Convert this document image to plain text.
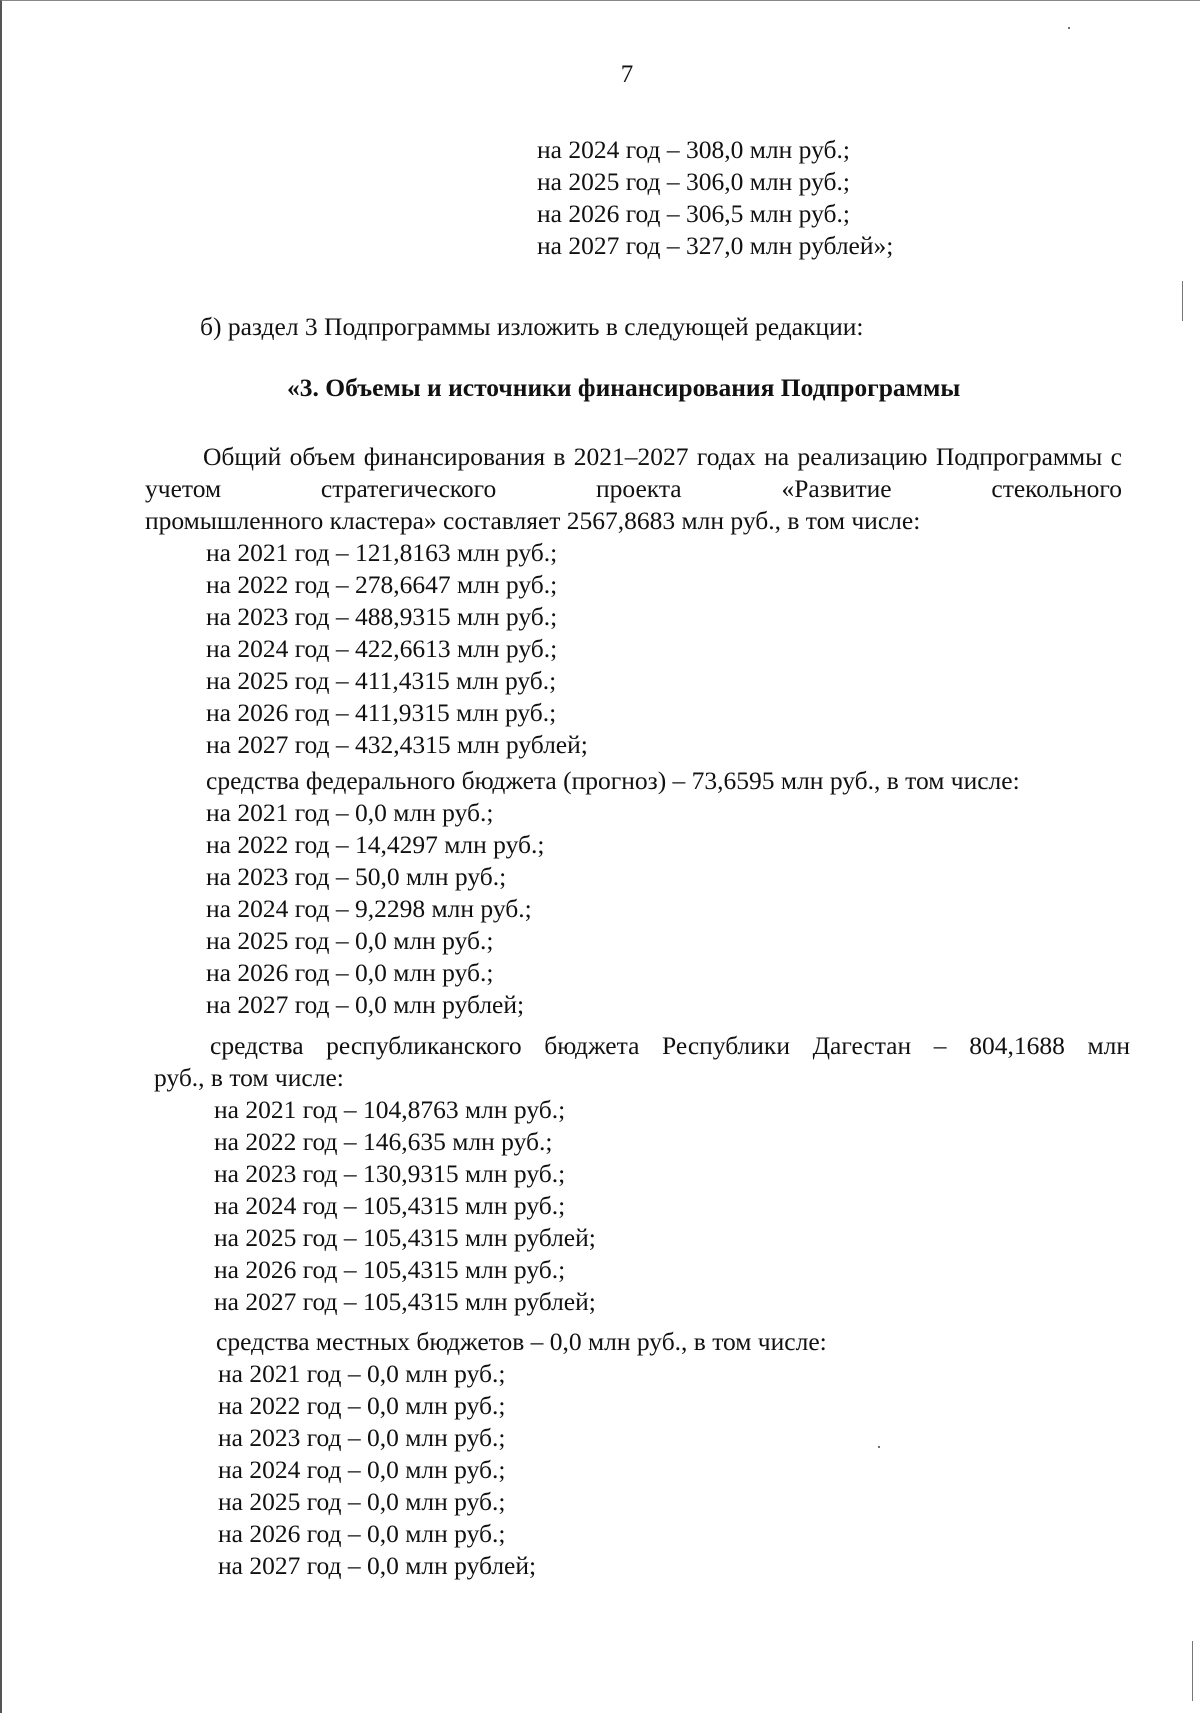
7
на 2024 год – 308,0 млн руб.;
на 2025 год – 306,0 млн руб.;
на 2026 год – 306,5 млн руб.;
на 2027 год – 327,0 млн рублей»;
б) раздел 3 Подпрограммы изложить в следующей редакции:
«3. Объемы и источники финансирования Подпрограммы
Общий объем финансирования в 2021–2027 годах на реализацию Подпрограммы с учетом стратегического проекта «Развитие стекольного
промышленного кластера» составляет 2567,8683 млн руб., в том числе:
на 2021 год – 121,8163 млн руб.;
на 2022 год – 278,6647 млн руб.;
на 2023 год – 488,9315 млн руб.;
на 2024 год – 422,6613 млн руб.;
на 2025 год – 411,4315 млн руб.;
на 2026 год – 411,9315 млн руб.;
на 2027 год – 432,4315 млн рублей;
средства федерального бюджета (прогноз) – 73,6595 млн руб., в том числе:
на 2021 год – 0,0 млн руб.;
на 2022 год – 14,4297 млн руб.;
на 2023 год – 50,0 млн руб.;
на 2024 год – 9,2298 млн руб.;
на 2025 год – 0,0 млн руб.;
на 2026 год – 0,0 млн руб.;
на 2027 год – 0,0 млн рублей;
средства республиканского бюджета Республики Дагестан – 804,1688 млн
руб., в том числе:
на 2021 год – 104,8763 млн руб.;
на 2022 год – 146,635 млн руб.;
на 2023 год – 130,9315 млн руб.;
на 2024 год – 105,4315 млн руб.;
на 2025 год – 105,4315 млн рублей;
на 2026 год – 105,4315 млн руб.;
на 2027 год – 105,4315 млн рублей;
средства местных бюджетов – 0,0 млн руб., в том числе:
на 2021 год – 0,0 млн руб.;
на 2022 год – 0,0 млн руб.;
на 2023 год – 0,0 млн руб.;
на 2024 год – 0,0 млн руб.;
на 2025 год – 0,0 млн руб.;
на 2026 год – 0,0 млн руб.;
на 2027 год – 0,0 млн рублей;
